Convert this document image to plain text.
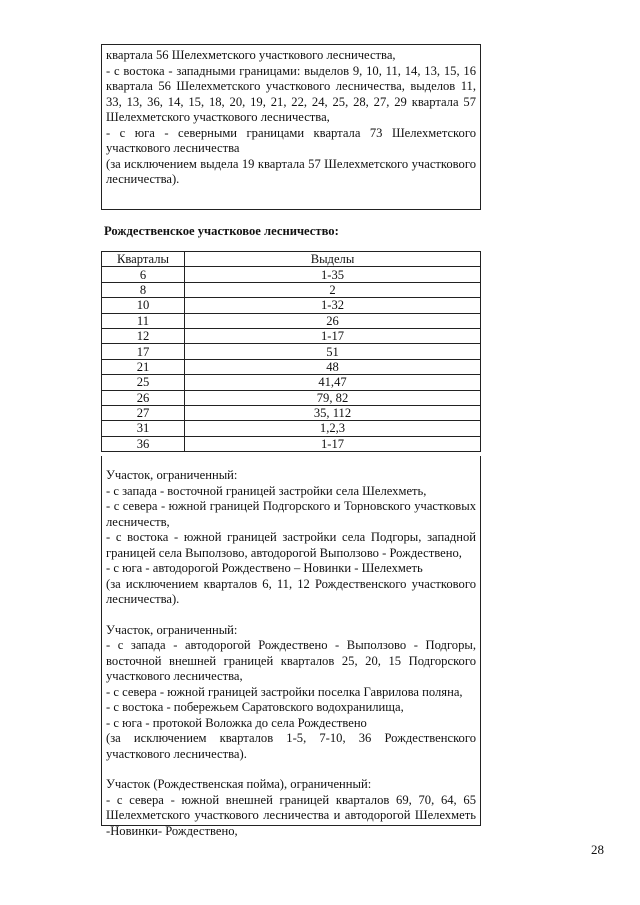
квартала 56 Шелехметского участкового лесничества,

- с востока - западными границами: выделов 9, 10, 11, 14, 13, 15, 16 квартала 56 Шелехметского участкового лесничества, выделов 11, 33, 13, 36, 14, 15, 18, 20, 19, 21, 22, 24, 25, 28, 27, 29 квартала 57 Шелехметского участкового лесничества,

- с юга - северными границами квартала 73 Шелехметского участкового лесничества

(за исключением выдела 19 квартала 57 Шелехметского участкового лесничества).

Рождественское участковое лесничество:
Кварталы	Выделы
6	1-35
8	2
10	1-32
11	26
12	1-17
17	51
21	48
25	41,47
26	79, 82
27	35, 112
31	1,2,3
36	1-17

Участок, ограниченный:

- с запада - восточной границей застройки села Шелехметь,

- с севера - южной границей Подгорского и Торновского участковых лесничеств,

- с востока - южной границей застройки села Подгоры, западной границей села Выползово, автодорогой Выползово - Рождествено,

- с юга - автодорогой Рождествено – Новинки - Шелехметь

(за исключением кварталов 6, 11, 12 Рождественского участкового лесничества).

Участок, ограниченный:

- с запада - автодорогой Рождествено - Выползово - Подгоры, восточной внешней границей кварталов 25, 20, 15 Подгорского участкового лесничества,

- с севера - южной границей застройки поселка Гаврилова поляна,

- с востока - побережьем Саратовского водохранилища,

- с юга - протокой Воложка до села Рождествено

(за исключением кварталов 1-5, 7-10, 36 Рождественского участкового лесничества).

Участок (Рождественская пойма), ограниченный:

- с севера - южной внешней границей кварталов 69, 70, 64, 65 Шелехметского участкового лесничества и автодорогой Шелехметь -Новинки- Рождествено,

28
